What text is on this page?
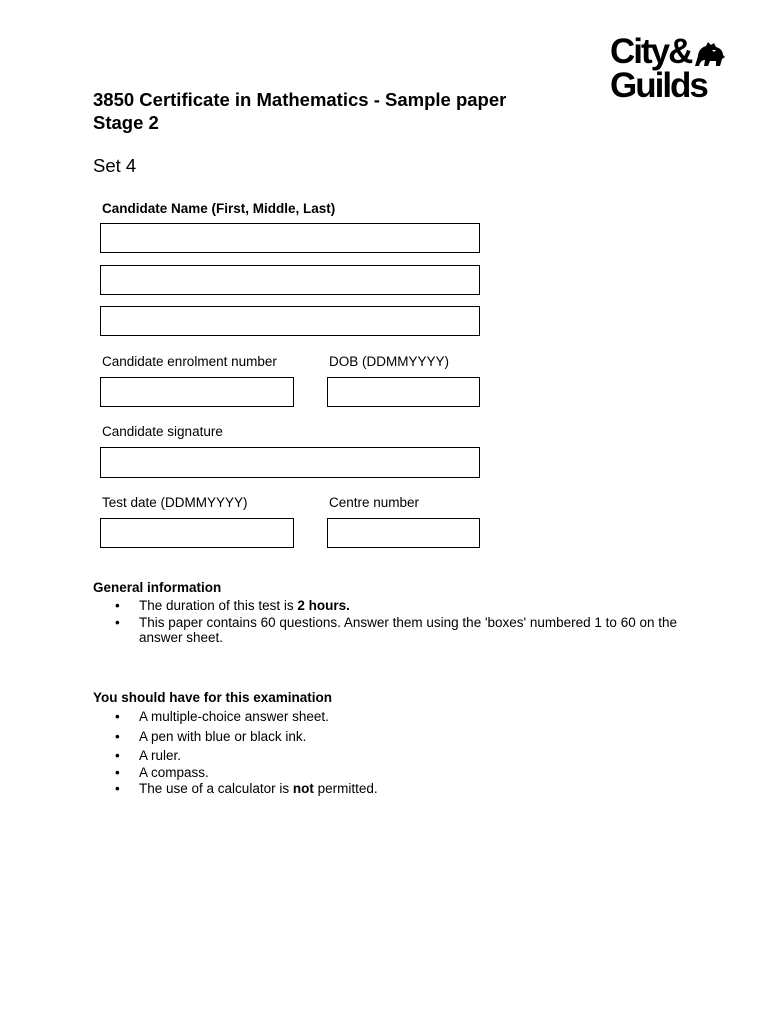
City&
Guilds
3850 Certificate in Mathematics - Sample paper
Stage 2

Set 4

Candidate Name (First, Middle, Last)
Candidate enrolment number	DOB (DDMMYYYY)
Candidate signature
Test date (DDMMYYYY)	Centre number
General information
• The duration of this test is 2 hours.
• This paper contains 60 questions. Answer them using the 'boxes' numbered 1 to 60 on the answer sheet.
You should have for this examination
• A multiple-choice answer sheet.
• A pen with blue or black ink.
• A ruler.
• A compass.
• The use of a calculator is not permitted.
